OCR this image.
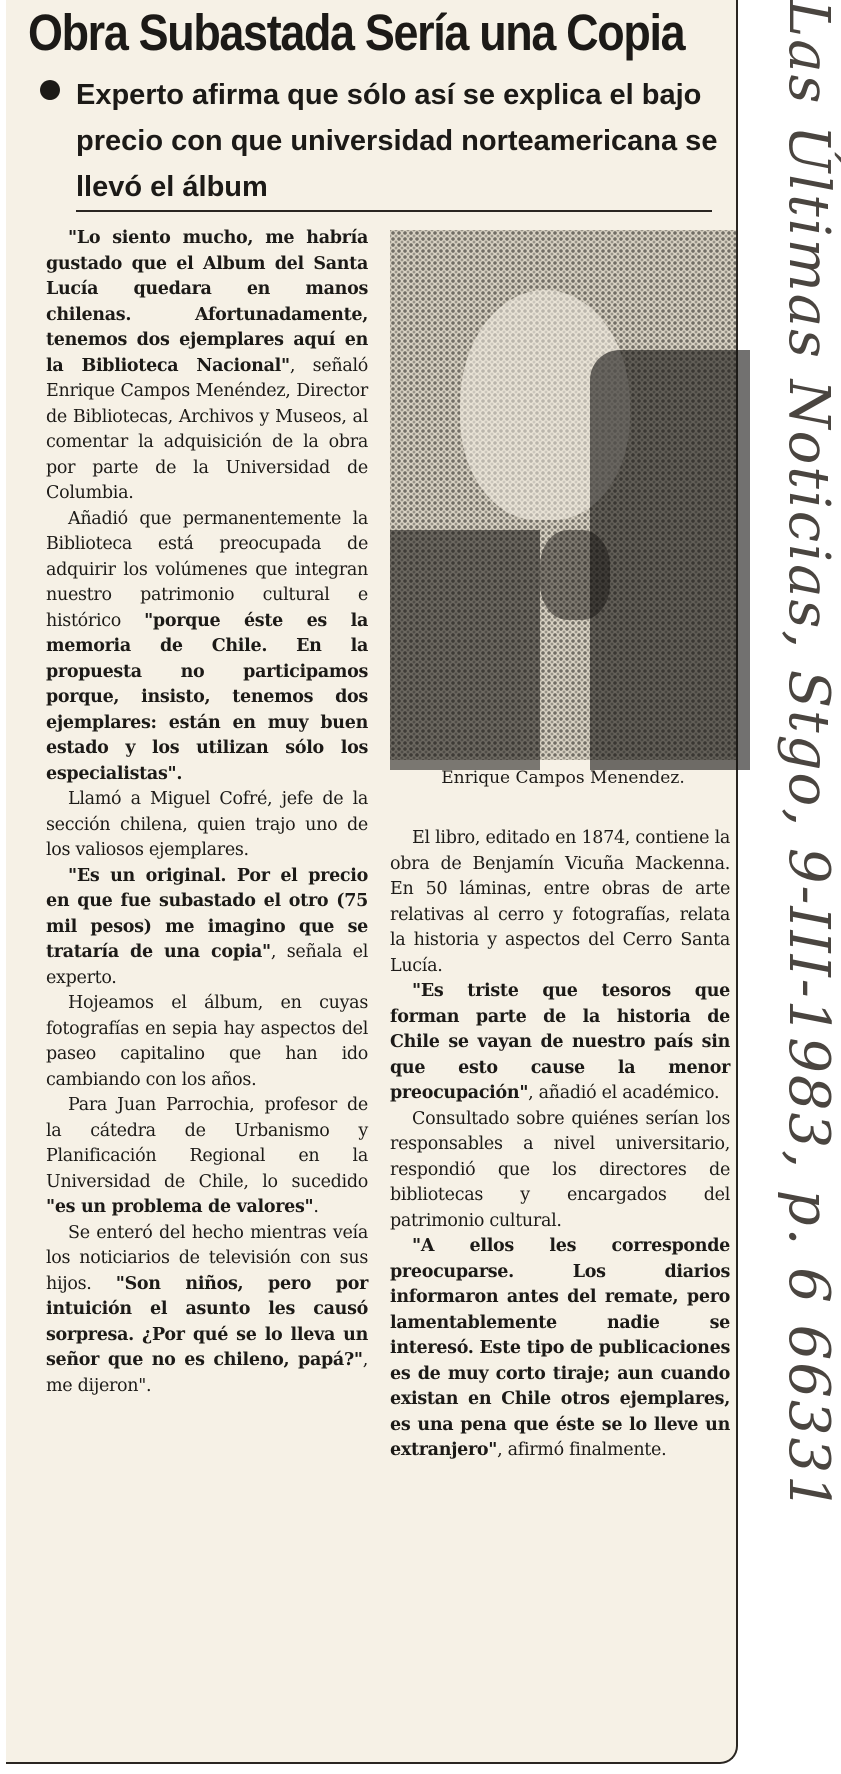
Obra Subastada Sería una Copia
Experto afirma que sólo así se explica el bajo precio con que universidad norteamericana se llevó el álbum

"Lo siento mucho, me habría gustado que el Album del Santa Lucía quedara en manos chilenas. Afortunadamente, tenemos dos ejemplares aquí en la Biblioteca Nacional", señaló Enrique Campos Menéndez, Director de Bibliotecas, Archivos y Museos, al comentar la adquisición de la obra por parte de la Universidad de Columbia.

Añadió que permanentemente la Biblioteca está preocupada de adquirir los volúmenes que integran nuestro patrimonio cultural e histórico "porque éste es la memoria de Chile. En la propuesta no participamos porque, insisto, tenemos dos ejemplares: están en muy buen estado y los utilizan sólo los especialistas".

Llamó a Miguel Cofré, jefe de la sección chilena, quien trajo uno de los valiosos ejemplares.

"Es un original. Por el precio en que fue subastado el otro (75 mil pesos) me imagino que se trataría de una copia", señala el experto.

Hojeamos el álbum, en cuyas fotografías en sepia hay aspectos del paseo capitalino que han ido cambiando con los años.

Para Juan Parrochia, profesor de la cátedra de Urbanismo y Planificación Regional en la Universidad de Chile, lo sucedido "es un problema de valores".

Se enteró del hecho mientras veía los noticiarios de televisión con sus hijos. "Son niños, pero por intuición el asunto les causó sorpresa. ¿Por qué se lo lleva un señor que no es chileno, papá?", me dijeron".

Enrique Campos Menendez.

El libro, editado en 1874, contiene la obra de Benjamín Vicuña Mackenna. En 50 láminas, entre obras de arte relativas al cerro y fotografías, relata la historia y aspectos del Cerro Santa Lucía.

"Es triste que tesoros que forman parte de la historia de Chile se vayan de nuestro país sin que esto cause la menor preocupación", añadió el académico.

Consultado sobre quiénes serían los responsables a nivel universitario, respondió que los directores de bibliotecas y encargados del patrimonio cultural.

"A ellos les corresponde preocuparse. Los diarios informaron antes del remate, pero lamentablemente nadie se interesó. Este tipo de publicaciones es de muy corto tiraje; aun cuando existan en Chile otros ejemplares, es una pena que éste se lo lleve un extranjero", afirmó finalmente.	Las Últimas Noticias, Stgo, 9-III-1983, p. 6 66331
